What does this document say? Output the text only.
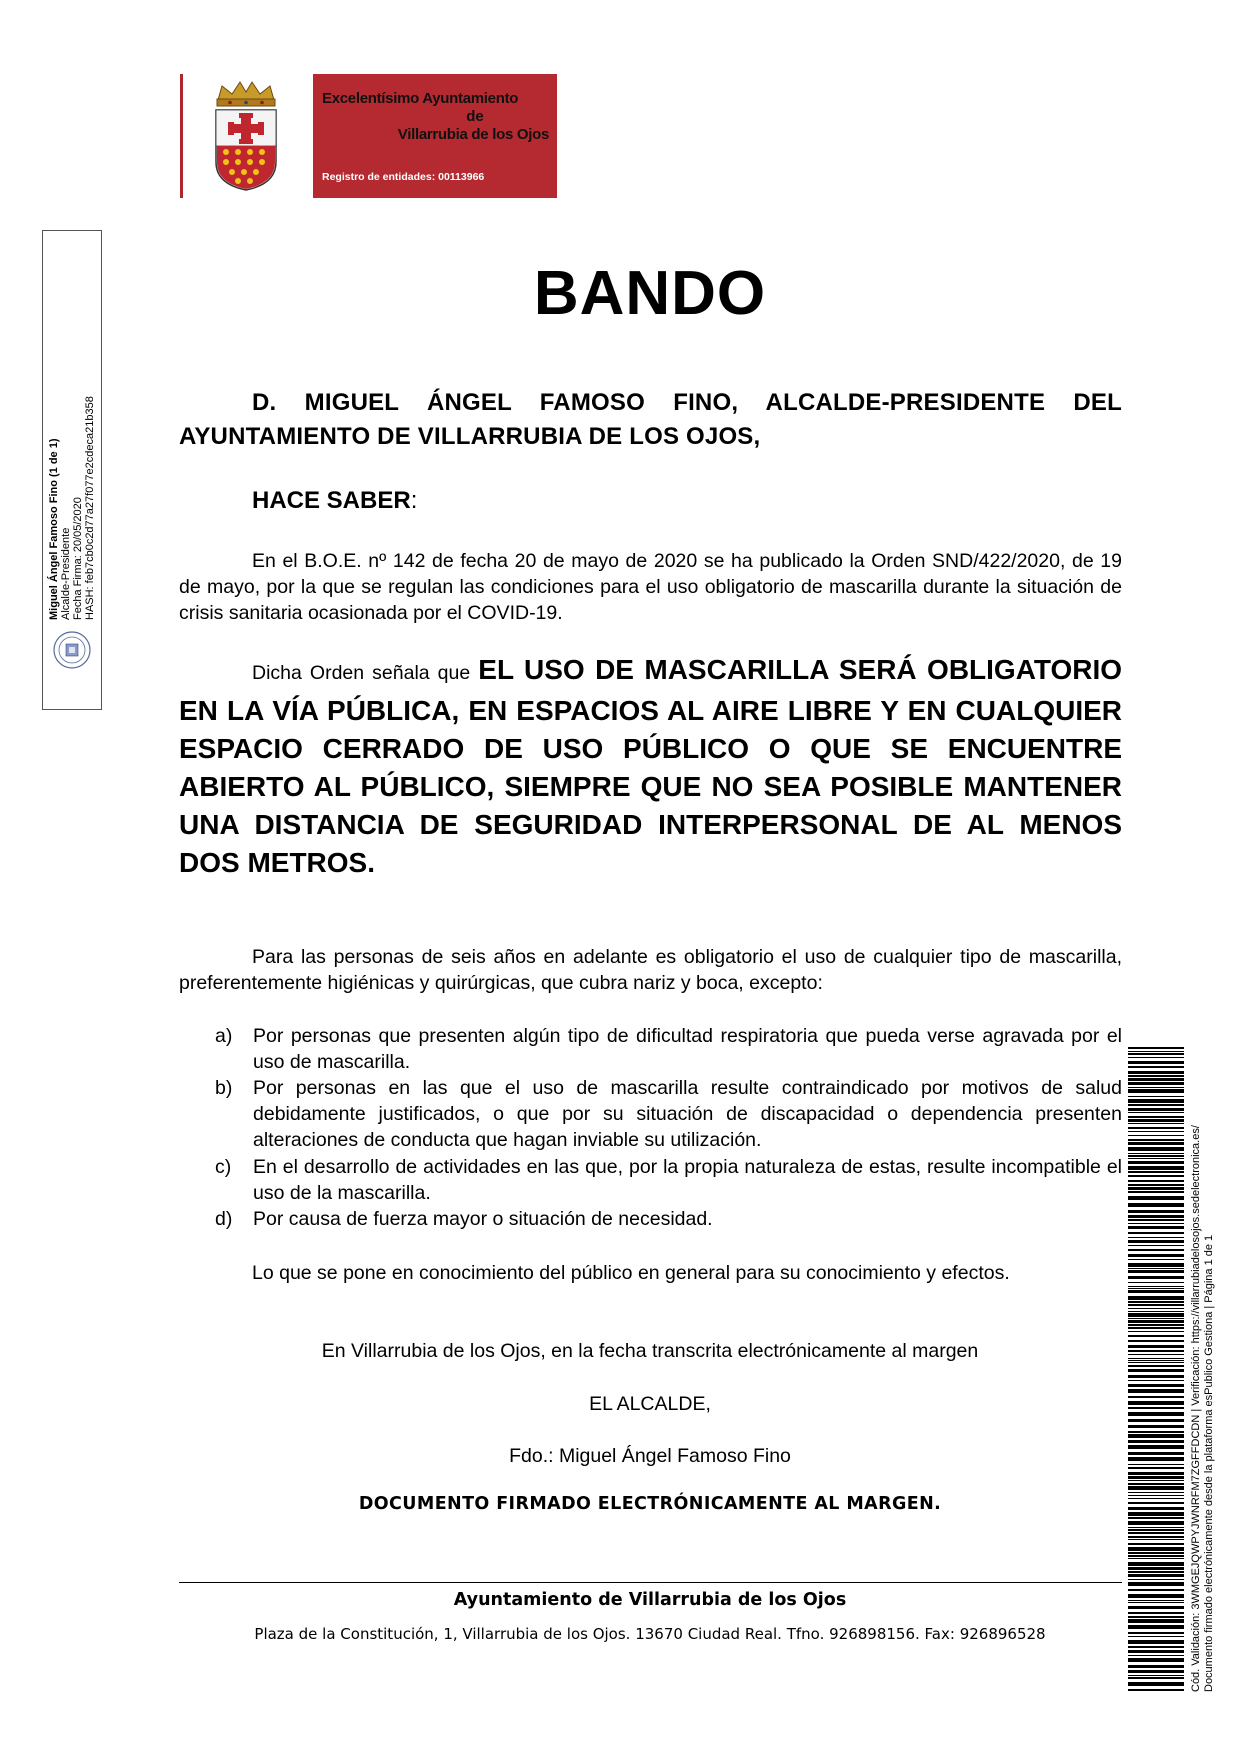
Excelentísimo Ayuntamiento
de
Villarrubia de los Ojos
Registro de entidades: 00113966
Miguel Ángel Famoso Fino (1 de 1) Alcalde-Presidente Fecha Firma: 20/05/2020 HASH: feb7cb0c2d77a27f077e2cdeca21b358
Cód. Validación: 3WMGEJQWPYJWNRFM7ZGFFDCDN | Verificación: https://villarrubiadelosojos.sedelectronica.es/ Documento firmado electrónicamente desde la plataforma esPublico Gestiona | Página 1 de 1
BANDO
D. MIGUEL ÁNGEL FAMOSO FINO, ALCALDE-PRESIDENTE DEL AYUNTAMIENTO DE VILLARRUBIA DE LOS OJOS,
HACE SABER:
En el B.O.E. nº 142 de fecha 20 de mayo de 2020 se ha publicado la Orden SND/422/2020, de 19 de mayo, por la que se regulan las condiciones para el uso obligatorio de mascarilla durante la situación de crisis sanitaria ocasionada por el COVID-19.
Dicha Orden señala que EL USO DE MASCARILLA SERÁ OBLIGATORIO EN LA VÍA PÚBLICA, EN ESPACIOS AL AIRE LIBRE Y EN CUALQUIER ESPACIO CERRADO DE USO PÚBLICO O QUE SE ENCUENTRE ABIERTO AL PÚBLICO, SIEMPRE QUE NO SEA POSIBLE MANTENER UNA DISTANCIA DE SEGURIDAD INTERPERSONAL DE AL MENOS DOS METROS.
Para las personas de seis años en adelante es obligatorio el uso de cualquier tipo de mascarilla, preferentemente higiénicas y quirúrgicas, que cubra nariz y boca, excepto:
a) Por personas que presenten algún tipo de dificultad respiratoria que pueda verse agravada por el uso de mascarilla.
b) Por personas en las que el uso de mascarilla resulte contraindicado por motivos de salud debidamente justificados, o que por su situación de discapacidad o dependencia presenten alteraciones de conducta que hagan inviable su utilización.
c) En el desarrollo de actividades en las que, por la propia naturaleza de estas, resulte incompatible el uso de la mascarilla.
d) Por causa de fuerza mayor o situación de necesidad.
Lo que se pone en conocimiento del público en general para su conocimiento y efectos.
En Villarrubia de los Ojos, en la fecha transcrita electrónicamente al margen
EL ALCALDE,
Fdo.: Miguel Ángel Famoso Fino
DOCUMENTO FIRMADO ELECTRÓNICAMENTE AL MARGEN.
Ayuntamiento de Villarrubia de los Ojos
Plaza de la Constitución, 1, Villarrubia de los Ojos. 13670 Ciudad Real. Tfno. 926898156. Fax: 926896528
